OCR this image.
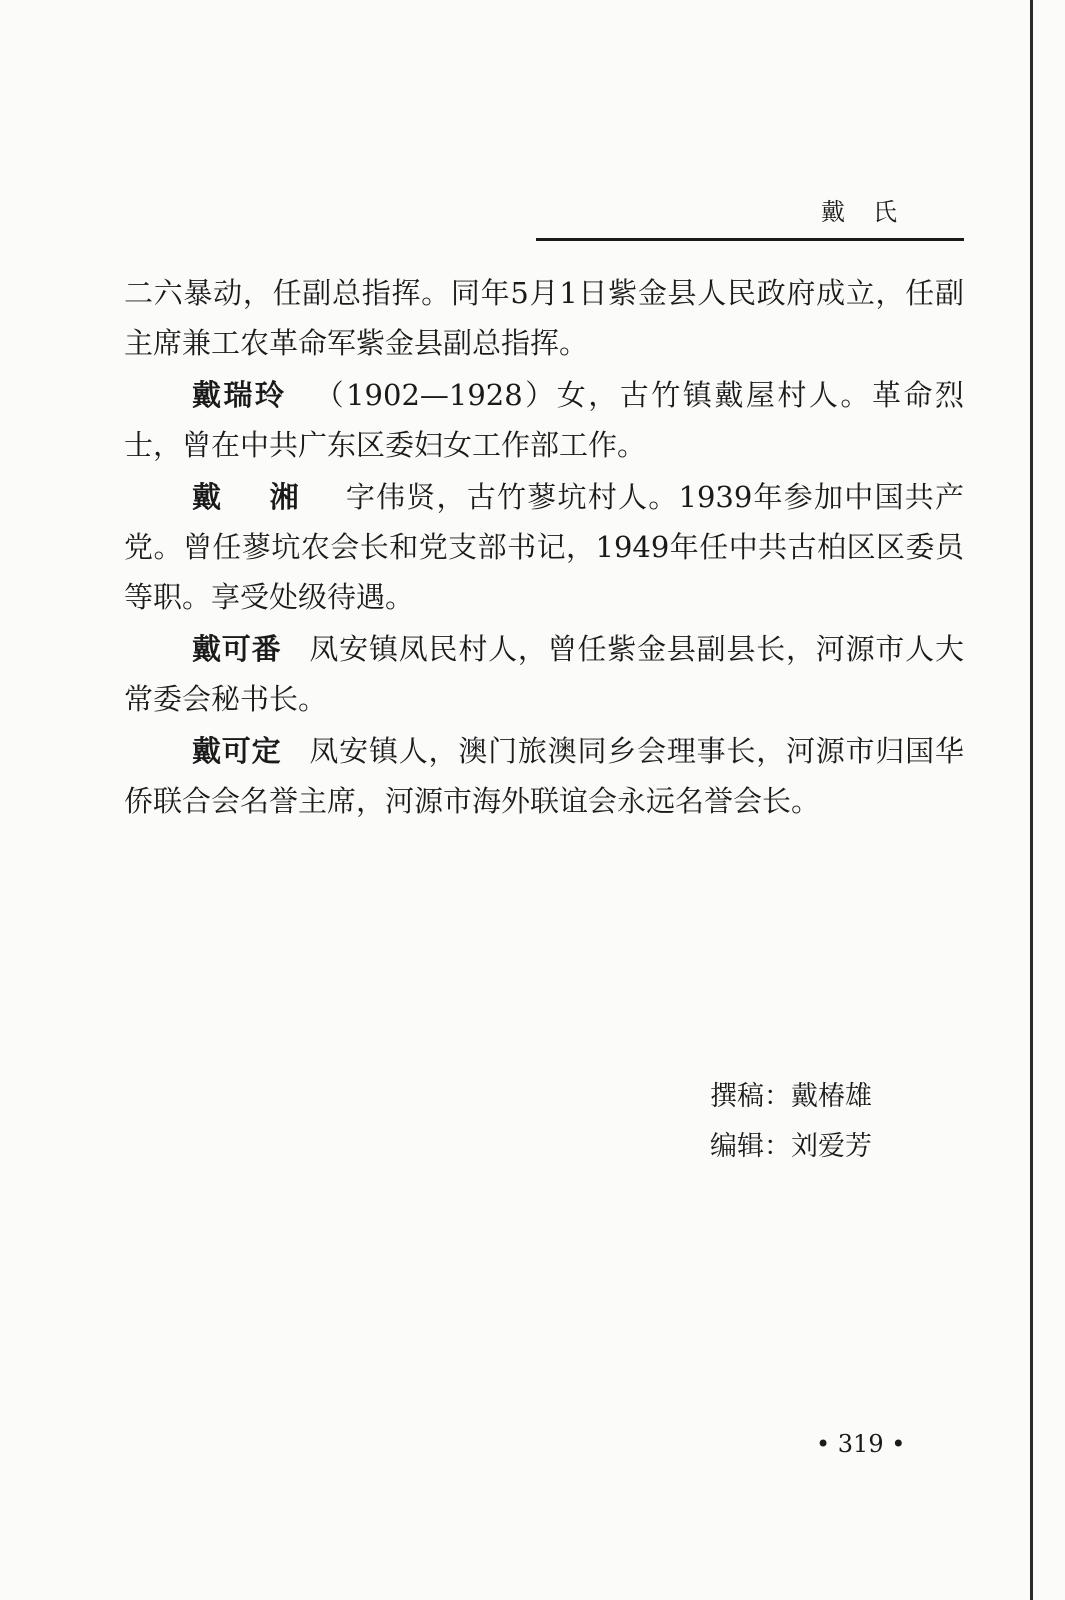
戴氏

二六暴动，任副总指挥。同年5月1日紫金县人民政府成立，任副主席兼工农革命军紫金县副总指挥。

戴瑞玲 （1902—1928）女，古竹镇戴屋村人。革命烈士，曾在中共广东区委妇女工作部工作。

戴 湘 字伟贤，古竹蓼坑村人。1939年参加中国共产党。曾任蓼坑农会长和党支部书记，1949年任中共古柏区区委员等职。享受处级待遇。

戴可番 凤安镇凤民村人，曾任紫金县副县长，河源市人大常委会秘书长。

戴可定 凤安镇人，澳门旅澳同乡会理事长，河源市归国华侨联合会名誉主席，河源市海外联谊会永远名誉会长。

撰稿：戴椿雄
编辑：刘爱芳
• 319 •
